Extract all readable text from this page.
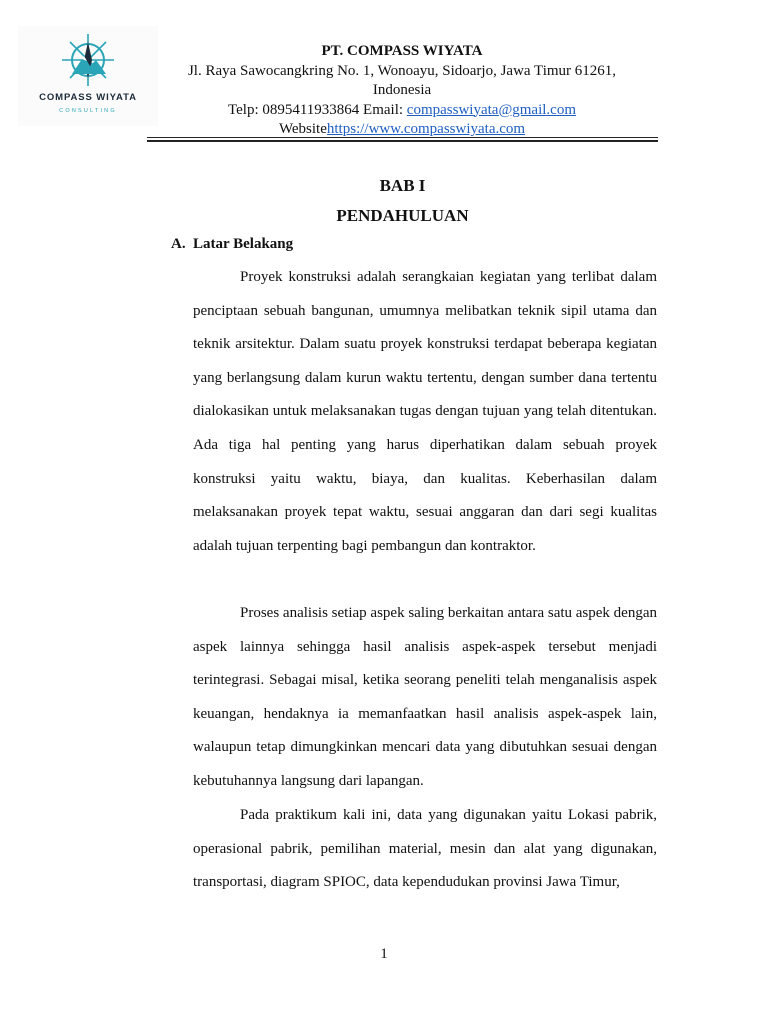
COMPASS WIYATA
CONSULTING
PT. COMPASS WIYATA
Jl. Raya Sawocangkring No. 1, Wonoayu, Sidoarjo, Jawa Timur 61261,
Indonesia
Telp: 0895411933864 Email: compasswiyata@gmail.com
Websitehttps://www.compasswiyata.com
BAB I
PENDAHULUAN
A. Latar Belakang

Proyek konstruksi adalah serangkaian kegiatan yang terlibat dalam penciptaan sebuah bangunan, umumnya melibatkan teknik sipil utama dan teknik arsitektur. Dalam suatu proyek konstruksi terdapat beberapa kegiatan yang berlangsung dalam kurun waktu tertentu, dengan sumber dana tertentu dialokasikan untuk melaksanakan tugas dengan tujuan yang telah ditentukan. Ada tiga hal penting yang harus diperhatikan dalam sebuah proyek konstruksi yaitu waktu, biaya, dan kualitas. Keberhasilan dalam melaksanakan proyek tepat waktu, sesuai anggaran dan dari segi kualitas adalah tujuan terpenting bagi pembangun dan kontraktor.

Proses analisis setiap aspek saling berkaitan antara satu aspek dengan aspek lainnya sehingga hasil analisis aspek-aspek tersebut menjadi terintegrasi. Sebagai misal, ketika seorang peneliti telah menganalisis aspek keuangan, hendaknya ia memanfaatkan hasil analisis aspek-aspek lain, walaupun tetap dimungkinkan mencari data yang dibutuhkan sesuai dengan kebutuhannya langsung dari lapangan.

Pada praktikum kali ini, data yang digunakan yaitu Lokasi pabrik, operasional pabrik, pemilihan material, mesin dan alat yang digunakan, transportasi, diagram SPIOC, data kependudukan provinsi Jawa Timur,

1
